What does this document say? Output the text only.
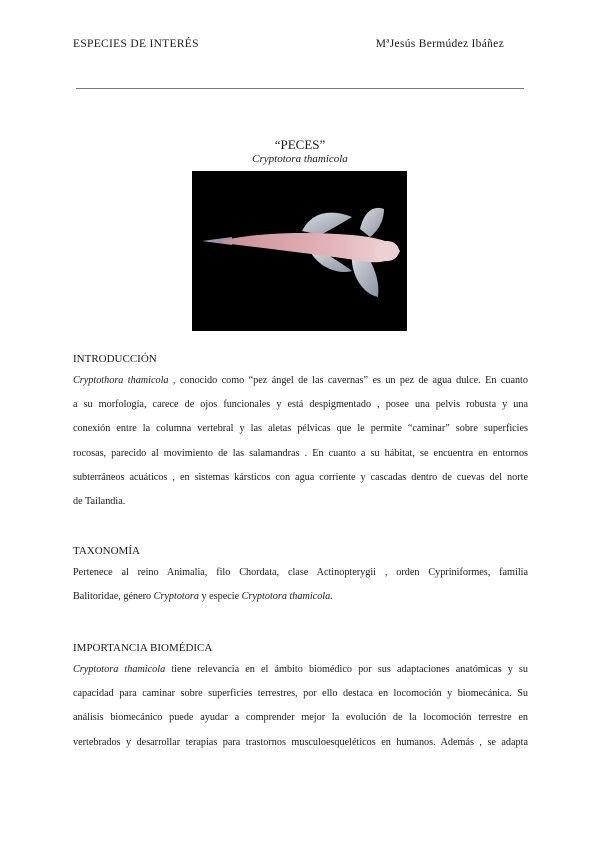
ESPECIES DE INTERÉS	MªJesús Bermúdez Ibáñez
“PECES”
Cryptotora thamicola
INTRODUCCIÓN
Cryptothora thamicola , conocido como “pez ángel de las cavernas” es un pez de agua dulce. En cuanto
a su morfología, carece de ojos funcionales y está despigmentado , posee una pelvis robusta y una
conexión entre la columna vertebral y las aletas pélvicas que le permite “caminar” sobre superficies
rocosas, parecido al movimiento de las salamandras . En cuanto a su hábitat, se encuentra en entornos
subterráneos acuáticos , en sistemas kársticos con agua corriente y cascadas dentro de cuevas del norte
de Tailandia.
TAXONOMÍA
Pertenece al reino Animalia, filo Chordata, clase Actinopterygii , orden Cypriniformes, familia
Balitoridae, género Cryptotora y especie Cryptotora thamicola.
IMPORTANCIA BIOMÉDICA
Cryptotora thamicola tiene relevancia en el ámbito biomédico por sus adaptaciones anatómicas y su
capacidad para caminar sobre superficies terrestres, por ello destaca en locomoción y biomecánica. Su
análisis biomecánico puede ayudar a comprender mejor la evolución de la locomoción terrestre en
vertebrados y desarrollar terapias para trastornos musculoesqueléticos en humanos. Además , se adapta
